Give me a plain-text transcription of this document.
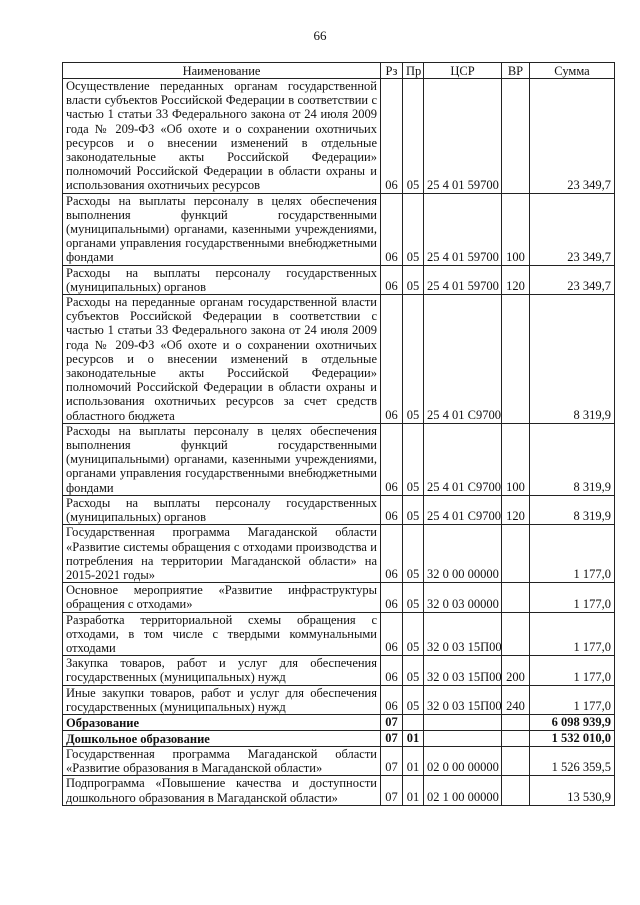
66
Наименование	Рз	Пр	ЦСР	ВР	Сумма
Осуществление переданных органам государственной власти субъектов Российской Федерации в соответствии с частью 1 статьи 33 Федерального закона от 24 июля 2009 года № 209-ФЗ «Об охоте и о сохранении охотничьих ресурсов и о внесении изменений в отдельные законодательные акты Российской Федерации» полномочий Российской Федерации в области охраны и использования охотничьих ресурсов	06	05	25 4 01 59700		23 349,7
Расходы на выплаты персоналу в целях обеспечения выполнения функций государственными (муниципальными) органами, казенными учреждениями, органами управления государственными внебюджетными фондами	06	05	25 4 01 59700	100	23 349,7
Расходы на выплаты персоналу государственных (муниципальных) органов	06	05	25 4 01 59700	120	23 349,7
Расходы на переданные органам государственной власти субъектов Российской Федерации в соответствии с частью 1 статьи 33 Федерального закона от 24 июля 2009 года № 209-ФЗ «Об охоте и о сохранении охотничьих ресурсов и о внесении изменений в отдельные законодательные акты Российской Федерации» полномочий Российской Федерации в области охраны и использования охотничьих ресурсов за счет средств областного бюджета	06	05	25 4 01 С9700		8 319,9
Расходы на выплаты персоналу в целях обеспечения выполнения функций государственными (муниципальными) органами, казенными учреждениями, органами управления государственными внебюджетными фондами	06	05	25 4 01 С9700	100	8 319,9
Расходы на выплаты персоналу государственных (муниципальных) органов	06	05	25 4 01 С9700	120	8 319,9
Государственная программа Магаданской области «Развитие системы обращения с отходами производства и потребления на территории Магаданской области» на 2015-2021 годы»	06	05	32 0 00 00000		1 177,0
Основное мероприятие «Развитие инфраструктуры обращения с отходами»	06	05	32 0 03 00000		1 177,0
Разработка территориальной схемы обращения с отходами, в том числе с твердыми коммунальными отходами	06	05	32 0 03 15П00		1 177,0
Закупка товаров, работ и услуг для обеспечения государственных (муниципальных) нужд	06	05	32 0 03 15П00	200	1 177,0
Иные закупки товаров, работ и услуг для обеспечения государственных (муниципальных) нужд	06	05	32 0 03 15П00	240	1 177,0
Образование	07				6 098 939,9
Дошкольное образование	07	01			1 532 010,0
Государственная программа Магаданской области «Развитие образования в Магаданской области»	07	01	02 0 00 00000		1 526 359,5
Подпрограмма «Повышение качества и доступности дошкольного образования в Магаданской области»	07	01	02 1 00 00000		13 530,9
